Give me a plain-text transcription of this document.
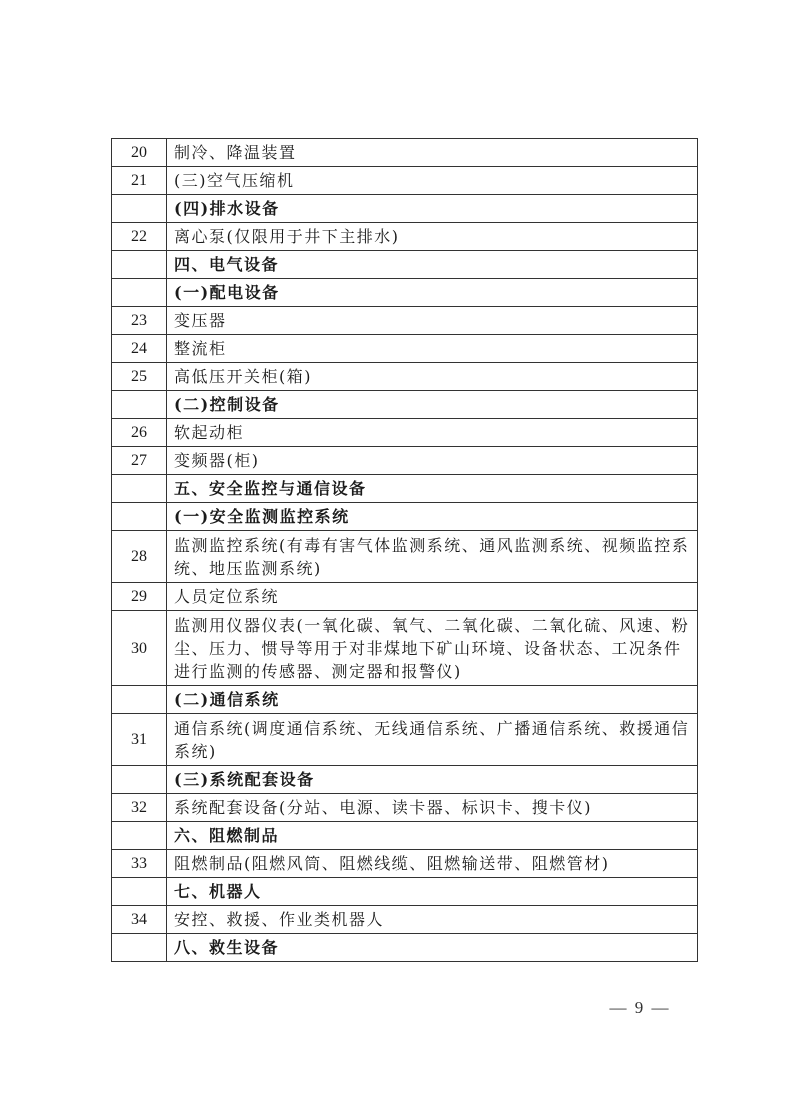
20	制冷、降温装置
21	(三)空气压缩机
	(四)排水设备
22	离心泵(仅限用于井下主排水)
	四、电气设备
	(一)配电设备
23	变压器
24	整流柜
25	高低压开关柜(箱)
	(二)控制设备
26	软起动柜
27	变频器(柜)
	五、安全监控与通信设备
	(一)安全监测监控系统
28	监测监控系统(有毒有害气体监测系统、通风监测系统、视频监控系统、地压监测系统)
29	人员定位系统
30	监测用仪器仪表(一氧化碳、氧气、二氧化碳、二氧化硫、风速、粉尘、压力、惯导等用于对非煤地下矿山环境、设备状态、工况条件进行监测的传感器、测定器和报警仪)
	(二)通信系统
31	通信系统(调度通信系统、无线通信系统、广播通信系统、救援通信系统)
	(三)系统配套设备
32	系统配套设备(分站、电源、读卡器、标识卡、搜卡仪)
	六、阻燃制品
33	阻燃制品(阻燃风筒、阻燃线缆、阻燃输送带、阻燃管材)
	七、机器人
34	安控、救援、作业类机器人
	八、救生设备
— 9 —
